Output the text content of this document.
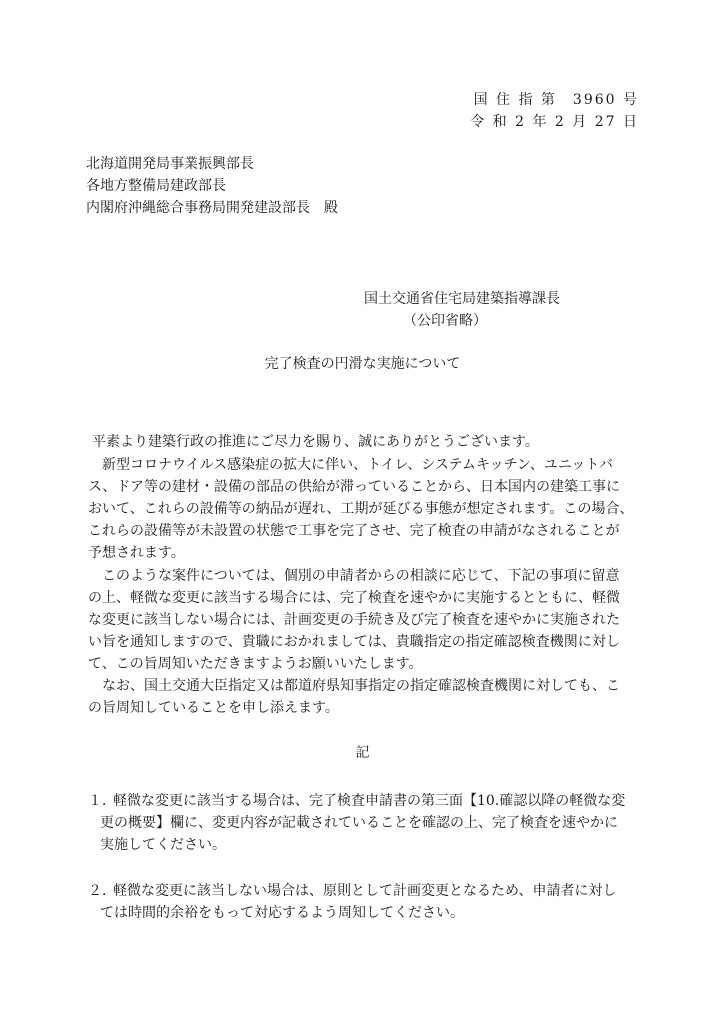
国 住 指 第　3960 号

令 和 2 年 2 月 27 日

北海道開発局事業振興部長

各地方整備局建政部長

内閣府沖縄総合事務局開発建設部長　殿

国土交通省住宅局建築指導課長

（公印省略）

完了検査の円滑な実施について

平素より建築行政の推進にご尽力を賜り、誠にありがとうございます。

新型コロナウイルス感染症の拡大に伴い、トイレ、システムキッチン、ユニットバ

ス、ドア等の建材・設備の部品の供給が滞っていることから、日本国内の建築工事に

おいて、これらの設備等の納品が遅れ、工期が延びる事態が想定されます。この場合、

これらの設備等が未設置の状態で工事を完了させ、完了検査の申請がなされることが

予想されます。

このような案件については、個別の申請者からの相談に応じて、下記の事項に留意

の上、軽微な変更に該当する場合には、完了検査を速やかに実施するとともに、軽微

な変更に該当しない場合には、計画変更の手続き及び完了検査を速やかに実施された

い旨を通知しますので、貴職におかれましては、貴職指定の指定確認検査機関に対し

て、この旨周知いただきますようお願いいたします。

なお、国土交通大臣指定又は都道府県知事指定の指定確認検査機関に対しても、こ

の旨周知していることを申し添えます。

記

１．

軽微な変更に該当する場合は、完了検査申請書の第三面【10.確認以降の軽微な変

更の概要】欄に、変更内容が記載されていることを確認の上、完了検査を速やかに

実施してください。

２．

軽微な変更に該当しない場合は、原則として計画変更となるため、申請者に対し

ては時間的余裕をもって対応するよう周知してください。
